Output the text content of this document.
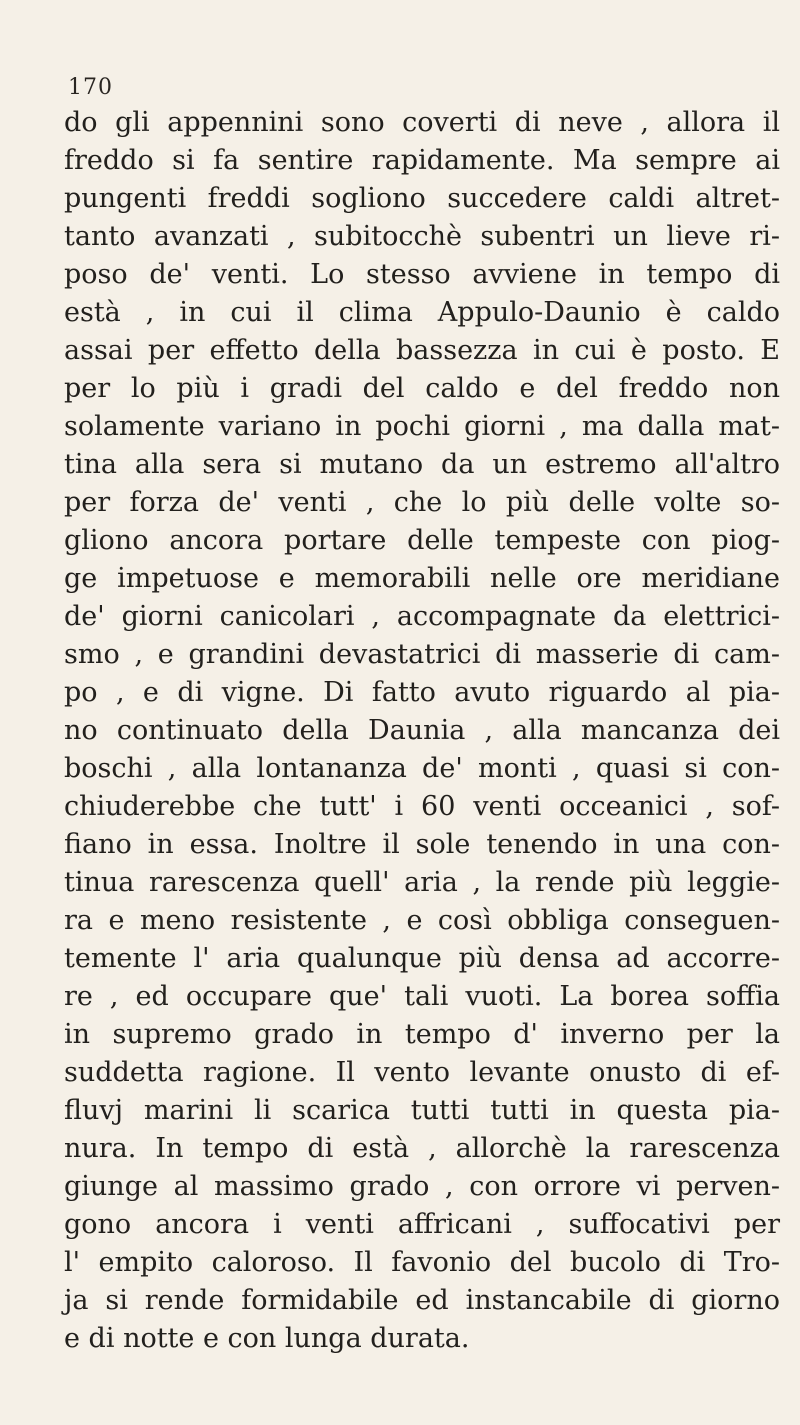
170
do gli appennini sono coverti di neve , allora il
freddo si fa sentire rapidamente. Ma sempre ai
pungenti freddi sogliono succedere caldi altret-
tanto avanzati , subitocchè subentri un lieve ri-
poso de' venti. Lo stesso avviene in tempo di
està , in cui il clima Appulo-Daunio è caldo
assai per effetto della bassezza in cui è posto. E
per lo più i gradi del caldo e del freddo non
solamente variano in pochi giorni , ma dalla mat-
tina alla sera si mutano da un estremo all'altro
per forza de' venti , che lo più delle volte so-
gliono ancora portare delle tempeste con piog-
ge impetuose e memorabili nelle ore meridiane
de' giorni canicolari , accompagnate da elettrici-
smo , e grandini devastatrici di masserie di cam-
po , e di vigne. Di fatto avuto riguardo al pia-
no continuato della Daunia , alla mancanza dei
boschi , alla lontananza de' monti , quasi si con-
chiuderebbe che tutt' i 60 venti occeanici , sof-
fiano in essa. Inoltre il sole tenendo in una con-
tinua rarescenza quell' aria , la rende più leggie-
ra e meno resistente , e così obbliga conseguen-
temente l' aria qualunque più densa ad accorre-
re , ed occupare que' tali vuoti. La borea soffia
in supremo grado in tempo d' inverno per la
suddetta ragione. Il vento levante onusto di ef-
fluvj marini li scarica tutti tutti in questa pia-
nura. In tempo di està , allorchè la rarescenza
giunge al massimo grado , con orrore vi perven-
gono ancora i venti affricani , suffocativi per
l' empito caloroso. Il favonio del bucolo di Tro-
ja si rende formidabile ed instancabile di giorno
e di notte e con lunga durata.
